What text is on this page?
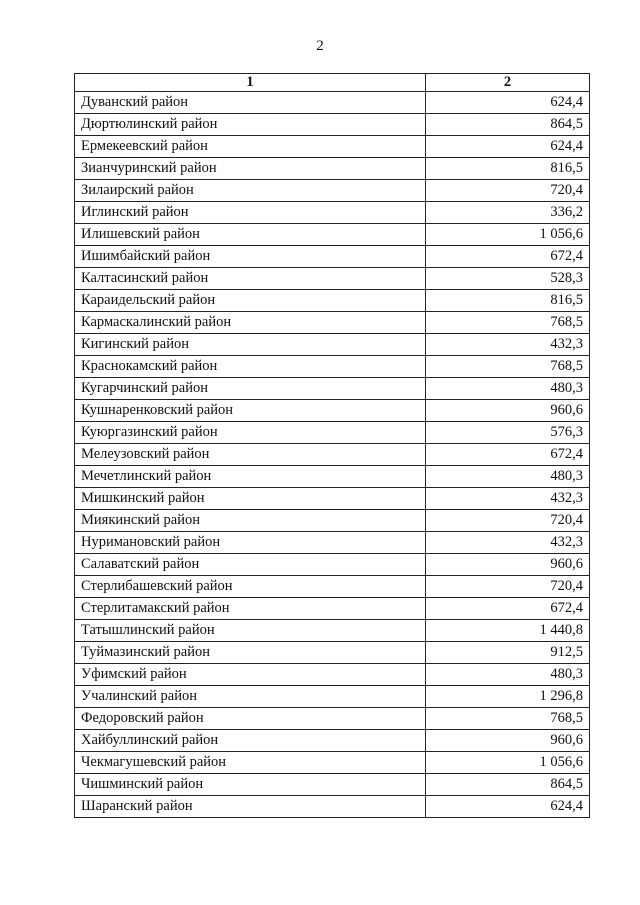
2
1	2
Дуванский район	624,4
Дюртюлинский район	864,5
Ермекеевский район	624,4
Зианчуринский район	816,5
Зилаирский район	720,4
Иглинский район	336,2
Илишевский район	1 056,6
Ишимбайский район	672,4
Калтасинский район	528,3
Караидельский район	816,5
Кармаскалинский район	768,5
Кигинский район	432,3
Краснокамский район	768,5
Кугарчинский район	480,3
Кушнаренковский район	960,6
Куюргазинский район	576,3
Мелеузовский район	672,4
Мечетлинский район	480,3
Мишкинский район	432,3
Миякинский район	720,4
Нуримановский район	432,3
Салаватский район	960,6
Стерлибашевский район	720,4
Стерлитамакский район	672,4
Татышлинский район	1 440,8
Туймазинский район	912,5
Уфимский район	480,3
Учалинский район	1 296,8
Федоровский район	768,5
Хайбуллинский район	960,6
Чекмагушевский район	1 056,6
Чишминский район	864,5
Шаранский район	624,4
